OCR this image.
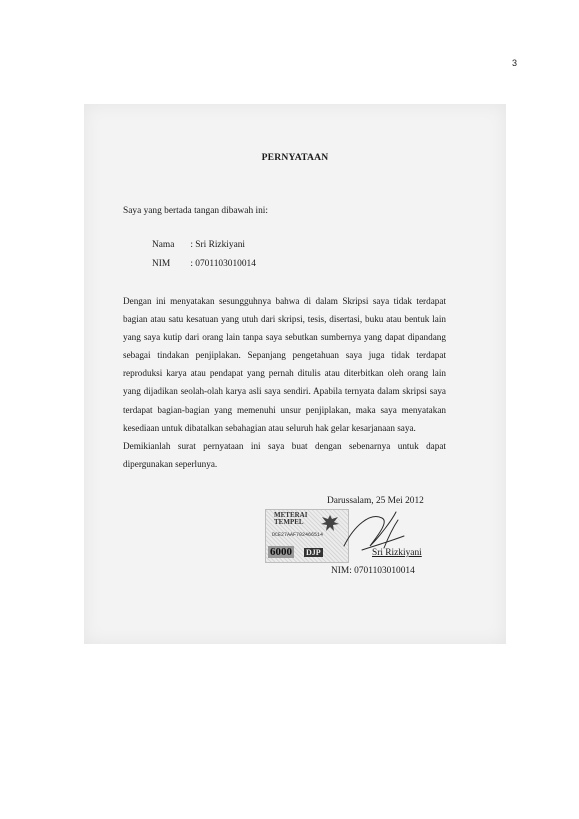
3
PERNYATAAN
Saya yang bertada tangan dibawah ini:
Nama : Sri Rizkiyani
NIM : 0701103010014

Dengan ini menyatakan sesungguhnya bahwa di dalam Skripsi saya tidak terdapat bagian atau satu kesatuan yang utuh dari skripsi, tesis, disertasi, buku atau bentuk lain yang saya kutip dari orang lain tanpa saya sebutkan sumbernya yang dapat dipandang sebagai tindakan penjiplakan. Sepanjang pengetahuan saya juga tidak terdapat reproduksi karya atau pendapat yang pernah ditulis atau diterbitkan oleh orang lain yang dijadikan seolah-olah karya asli saya sendiri. Apabila ternyata dalam skripsi saya terdapat bagian-bagian yang memenuhi unsur penjiplakan, maka saya menyatakan kesediaan untuk dibatalkan sebahagian atau seluruh hak gelar kesarjanaan saya.

Demikianlah surat pernyataan ini saya buat dengan sebenarnya untuk dapat dipergunakan seperlunya.

Darussalam, 25 Mei 2012
METERAI
TEMPEL
DCE27AAF702466514
6000 DJP	Sri Rizkiyani
NIM: 0701103010014
